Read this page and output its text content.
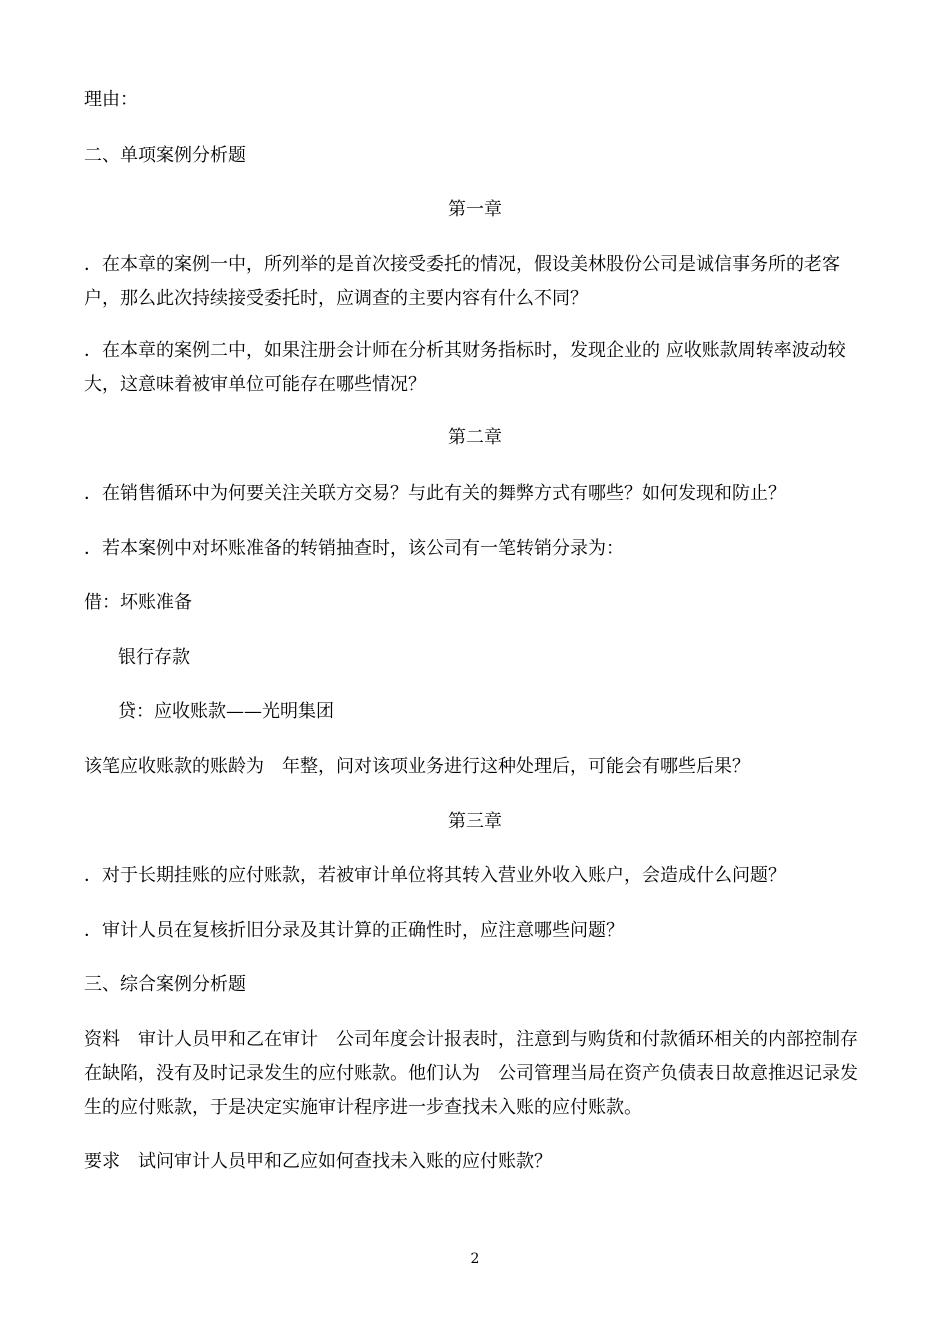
理由：
二、单项案例分析题
第一章
．在本章的案例一中，所列举的是首次接受委托的情况，假设美林股份公司是诚信事务所的老客户，那么此次持续接受委托时，应调查的主要内容有什么不同？
．在本章的案例二中，如果注册会计师在分析其财务指标时，发现企业的 应收账款周转率波动较大，这意味着被审单位可能存在哪些情况？
第二章
．在销售循环中为何要关注关联方交易？与此有关的舞弊方式有哪些？如何发现和防止？
．若本案例中对坏账准备的转销抽查时，该公司有一笔转销分录为：
借：坏账准备
银行存款
贷：应收账款——光明集团
该笔应收账款的账龄为　年整，问对该项业务进行这种处理后，可能会有哪些后果？
第三章
．对于长期挂账的应付账款，若被审计单位将其转入营业外收入账户，会造成什么问题？
．审计人员在复核折旧分录及其计算的正确性时，应注意哪些问题？
三、综合案例分析题
资料　审计人员甲和乙在审计　公司年度会计报表时，注意到与购货和付款循环相关的内部控制存在缺陷，没有及时记录发生的应付账款。他们认为　公司管理当局在资产负债表日故意推迟记录发生的应付账款，于是决定实施审计程序进一步查找未入账的应付账款。
要求　试问审计人员甲和乙应如何查找未入账的应付账款？
2
